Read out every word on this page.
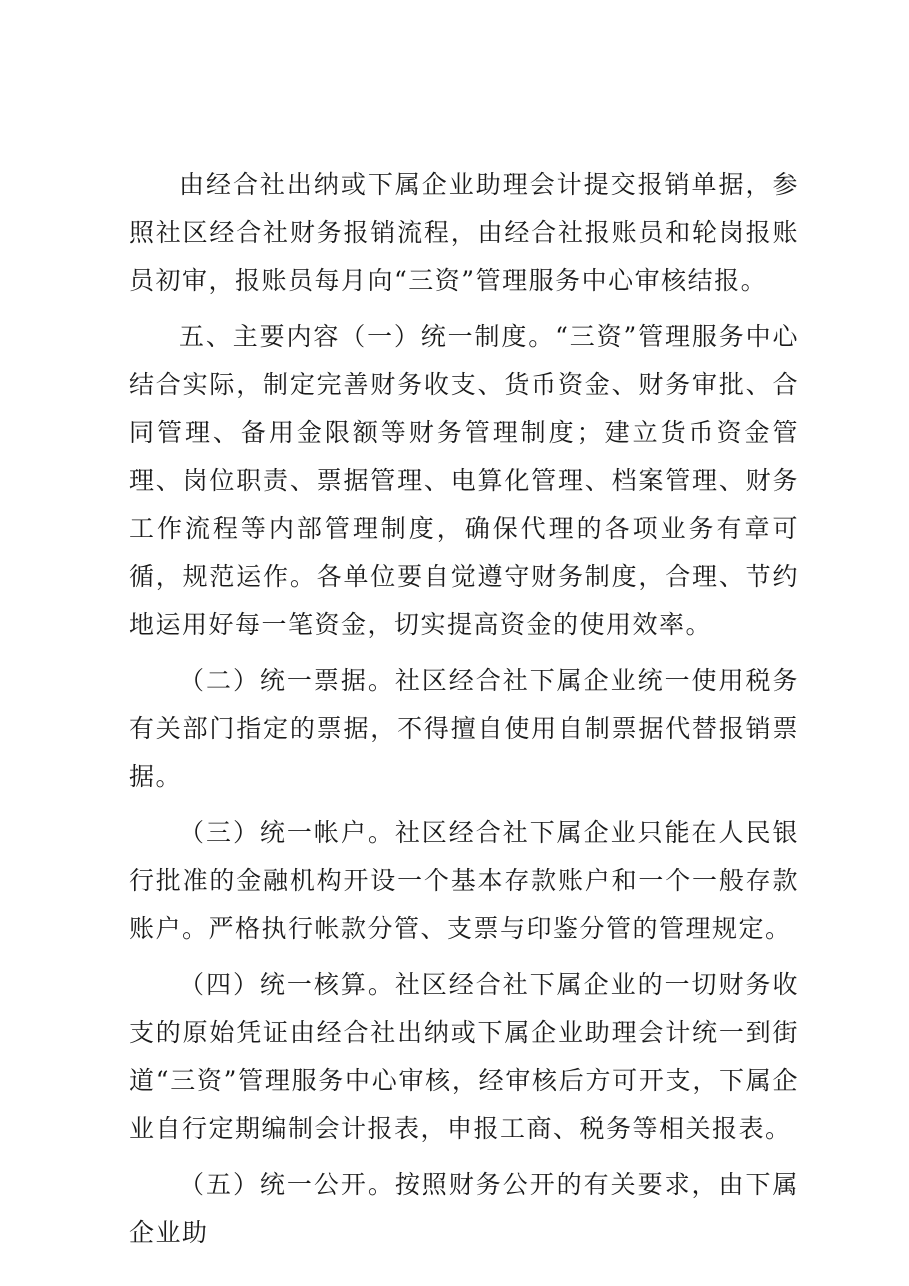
由经合社出纳或下属企业助理会计提交报销单据，参照社区经合社财务报销流程，由经合社报账员和轮岗报账员初审，报账员每月向“三资”管理服务中心审核结报。

五、主要内容（一）统一制度。“三资”管理服务中心结合实际，制定完善财务收支、货币资金、财务审批、合同管理、备用金限额等财务管理制度；建立货币资金管理、岗位职责、票据管理、电算化管理、档案管理、财务工作流程等内部管理制度，确保代理的各项业务有章可循，规范运作。各单位要自觉遵守财务制度，合理、节约地运用好每一笔资金，切实提高资金的使用效率。

（二）统一票据。社区经合社下属企业统一使用税务有关部门指定的票据，不得擅自使用自制票据代替报销票据。

（三）统一帐户。社区经合社下属企业只能在人民银行批准的金融机构开设一个基本存款账户和一个一般存款账户。严格执行帐款分管、支票与印鉴分管的管理规定。

（四）统一核算。社区经合社下属企业的一切财务收支的原始凭证由经合社出纳或下属企业助理会计统一到街道“三资”管理服务中心审核，经审核后方可开支，下属企业自行定期编制会计报表，申报工商、税务等相关报表。

（五）统一公开。按照财务公开的有关要求，由下属企业助
